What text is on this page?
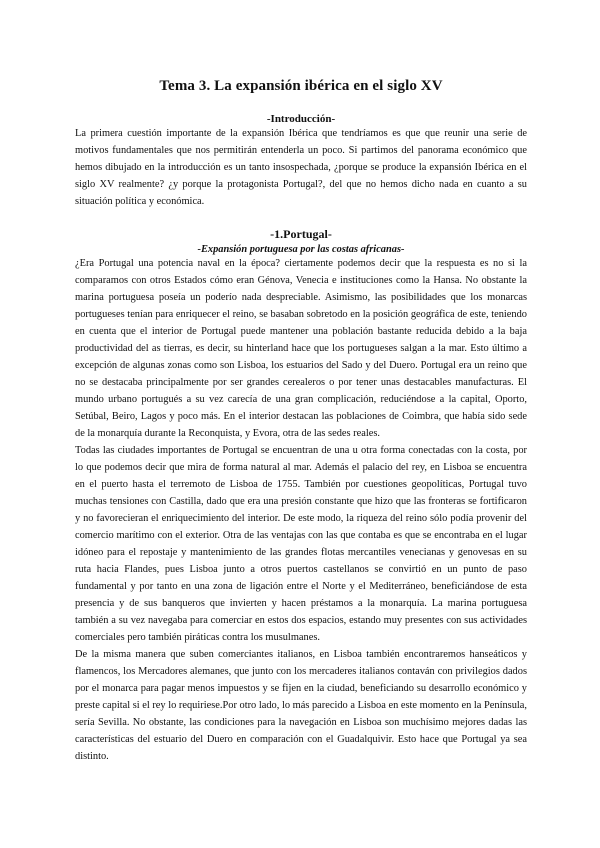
Tema 3. La expansión ibérica en el siglo XV
-Introducción-

La primera cuestión importante de la expansión Ibérica que tendríamos es que que reunir una serie de motivos fundamentales que nos permitirán entenderla un poco. Si partimos del panorama económico que hemos dibujado en la introducción es un tanto insospechada, ¿porque se produce la expansión Ibérica en el siglo XV realmente? ¿y porque la protagonista Portugal?, del que no hemos dicho nada en cuanto a su situación política y económica.

-1.Portugal-
-Expansión portuguesa por las costas africanas-

¿Era Portugal una potencia naval en la época? ciertamente podemos decir que la respuesta es no si la comparamos con otros Estados cómo eran Génova, Venecia e instituciones como la Hansa. No obstante la marina portuguesa poseía un poderío nada despreciable. Asimismo, las posibilidades que los monarcas portugueses tenían para enriquecer el reino, se basaban sobretodo en la posición geográfica de este, teniendo en cuenta que el interior de Portugal puede mantener una población bastante reducida debido a la baja productividad del as tierras, es decir, su hinterland hace que los portugueses salgan a la mar. Esto último a excepción de algunas zonas como son Lisboa, los estuarios del Sado y del Duero. Portugal era un reino que no se destacaba principalmente por ser grandes cerealeros o por tener unas destacables manufacturas. El mundo urbano portugués a su vez carecía de una gran complicación, reduciéndose a la capital, Oporto, Setúbal, Beiro, Lagos y poco más. En el interior destacan las poblaciones de Coimbra, que había sido sede de la monarquía durante la Reconquista, y Evora, otra de las sedes reales.

Todas las ciudades importantes de Portugal se encuentran de una u otra forma conectadas con la costa, por lo que podemos decir que mira de forma natural al mar. Además el palacio del rey, en Lisboa se encuentra en el puerto hasta el terremoto de Lisboa de 1755. También por cuestiones geopolíticas, Portugal tuvo muchas tensiones con Castilla, dado que era una presión constante que hizo que las fronteras se fortificaron y no favorecieran el enriquecimiento del interior. De este modo, la riqueza del reino sólo podía provenir del comercio marítimo con el exterior. Otra de las ventajas con las que contaba es que se encontraba en el lugar idóneo para el repostaje y mantenimiento de las grandes flotas mercantiles venecianas y genovesas en su ruta hacia Flandes, pues Lisboa junto a otros puertos castellanos se convirtió en un punto de paso fundamental y por tanto en una zona de ligación entre el Norte y el Mediterráneo, beneficiándose de esta presencia y de sus banqueros que invierten y hacen préstamos a la monarquía. La marina portuguesa también a su vez navegaba para comerciar en estos dos espacios, estando muy presentes con sus actividades comerciales pero también piráticas contra los musulmanes.

De la misma manera que suben comerciantes italianos, en Lisboa también encontraremos hanseáticos y flamencos, los Mercadores alemanes, que junto con los mercaderes italianos contaván con privilegios dados por el monarca para pagar menos impuestos y se fijen en la ciudad, beneficiando su desarrollo económico y preste capital si el rey lo requiriese.Por otro lado, lo más parecido a Lisboa en este momento en la Península, sería Sevilla. No obstante, las condiciones para la navegación en Lisboa son muchísimo mejores dadas las características del estuario del Duero en comparación con el Guadalquivir. Esto hace que Portugal ya sea distinto.
